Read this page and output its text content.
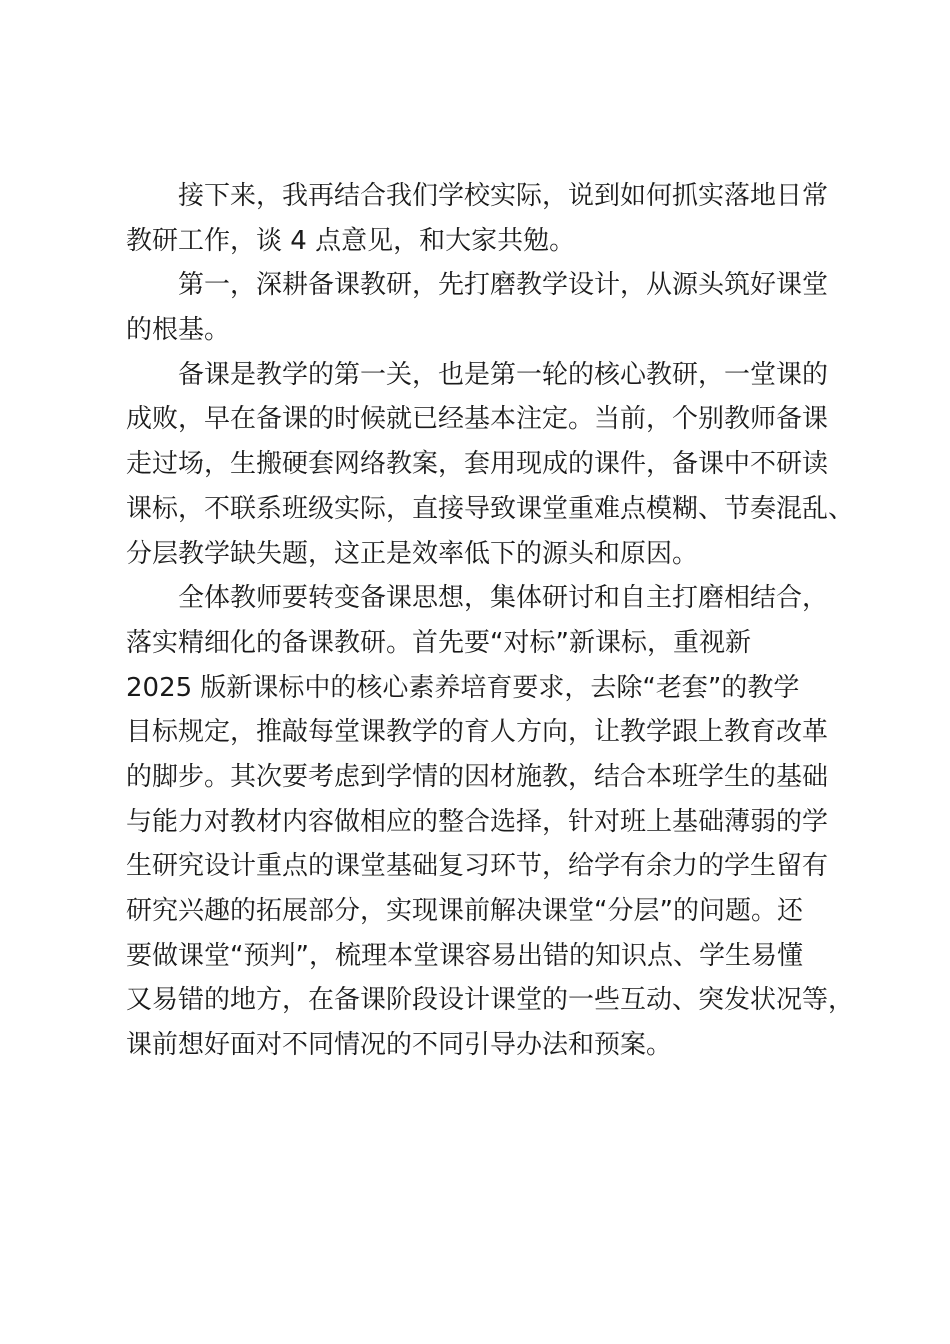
接下来，我再结合我们学校实际，说到如何抓实落地日常
教研工作，谈 4 点意见，和大家共勉。
第一，深耕备课教研，先打磨教学设计，从源头筑好课堂
的根基。
备课是教学的第一关，也是第一轮的核心教研，一堂课的
成败，早在备课的时候就已经基本注定。当前，个别教师备课
走过场，生搬硬套网络教案，套用现成的课件，备课中不研读
课标，不联系班级实际，直接导致课堂重难点模糊、节奏混乱、
分层教学缺失题，这正是效率低下的源头和原因。
全体教师要转变备课思想，集体研讨和自主打磨相结合，
落实精细化的备课教研。首先要“对标”新课标，重视新
2025 版新课标中的核心素养培育要求，去除“老套”的教学
目标规定，推敲每堂课教学的育人方向，让教学跟上教育改革
的脚步。其次要考虑到学情的因材施教，结合本班学生的基础
与能力对教材内容做相应的整合选择，针对班上基础薄弱的学
生研究设计重点的课堂基础复习环节，给学有余力的学生留有
研究兴趣的拓展部分，实现课前解决课堂“分层”的问题。还
要做课堂“预判”，梳理本堂课容易出错的知识点、学生易懂
又易错的地方，在备课阶段设计课堂的一些互动、突发状况等，
课前想好面对不同情况的不同引导办法和预案。
